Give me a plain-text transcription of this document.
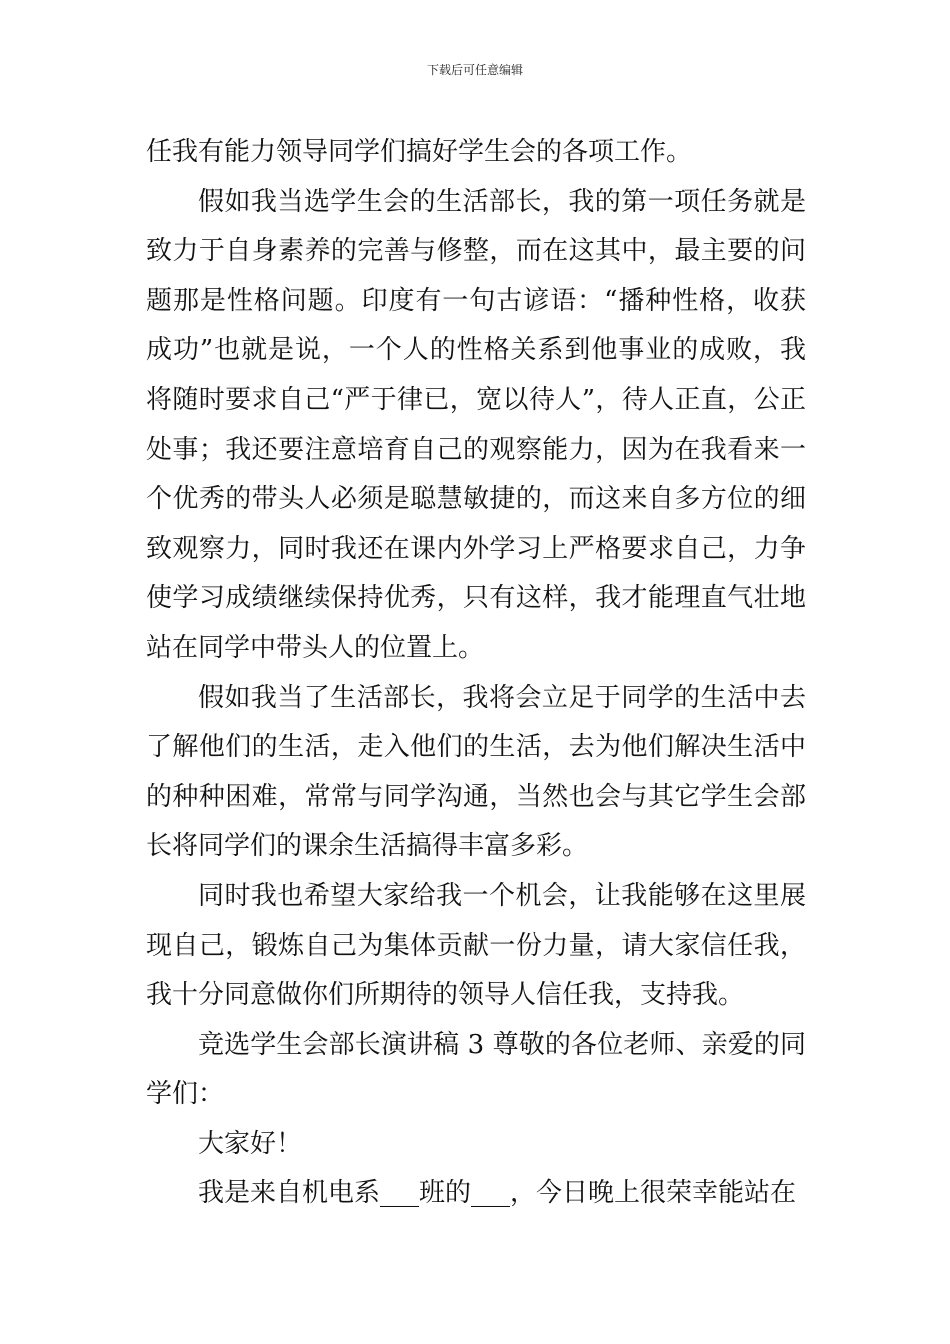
下载后可任意编辑

任我有能力领导同学们搞好学生会的各项工作。

假如我当选学生会的生活部长，我的第一项任务就是致力于自身素养的完善与修整，而在这其中，最主要的问题那是性格问题。印度有一句古谚语：“播种性格，收获成功”也就是说，一个人的性格关系到他事业的成败，我将随时要求自己“严于律已，宽以待人”，待人正直，公正处事；我还要注意培育自己的观察能力，因为在我看来一个优秀的带头人必须是聪慧敏捷的，而这来自多方位的细致观察力，同时我还在课内外学习上严格要求自己，力争使学习成绩继续保持优秀，只有这样，我才能理直气壮地站在同学中带头人的位置上。

假如我当了生活部长，我将会立足于同学的生活中去了解他们的生活，走入他们的生活，去为他们解决生活中的种种困难，常常与同学沟通，当然也会与其它学生会部长将同学们的课余生活搞得丰富多彩。

同时我也希望大家给我一个机会，让我能够在这里展现自己，锻炼自己为集体贡献一份力量，请大家信任我，我十分同意做你们所期待的领导人信任我，支持我。

竞选学生会部长演讲稿 3 尊敬的各位老师、亲爱的同学们：

大家好！

我是来自机电系___班的___，今日晚上很荣幸能站在
